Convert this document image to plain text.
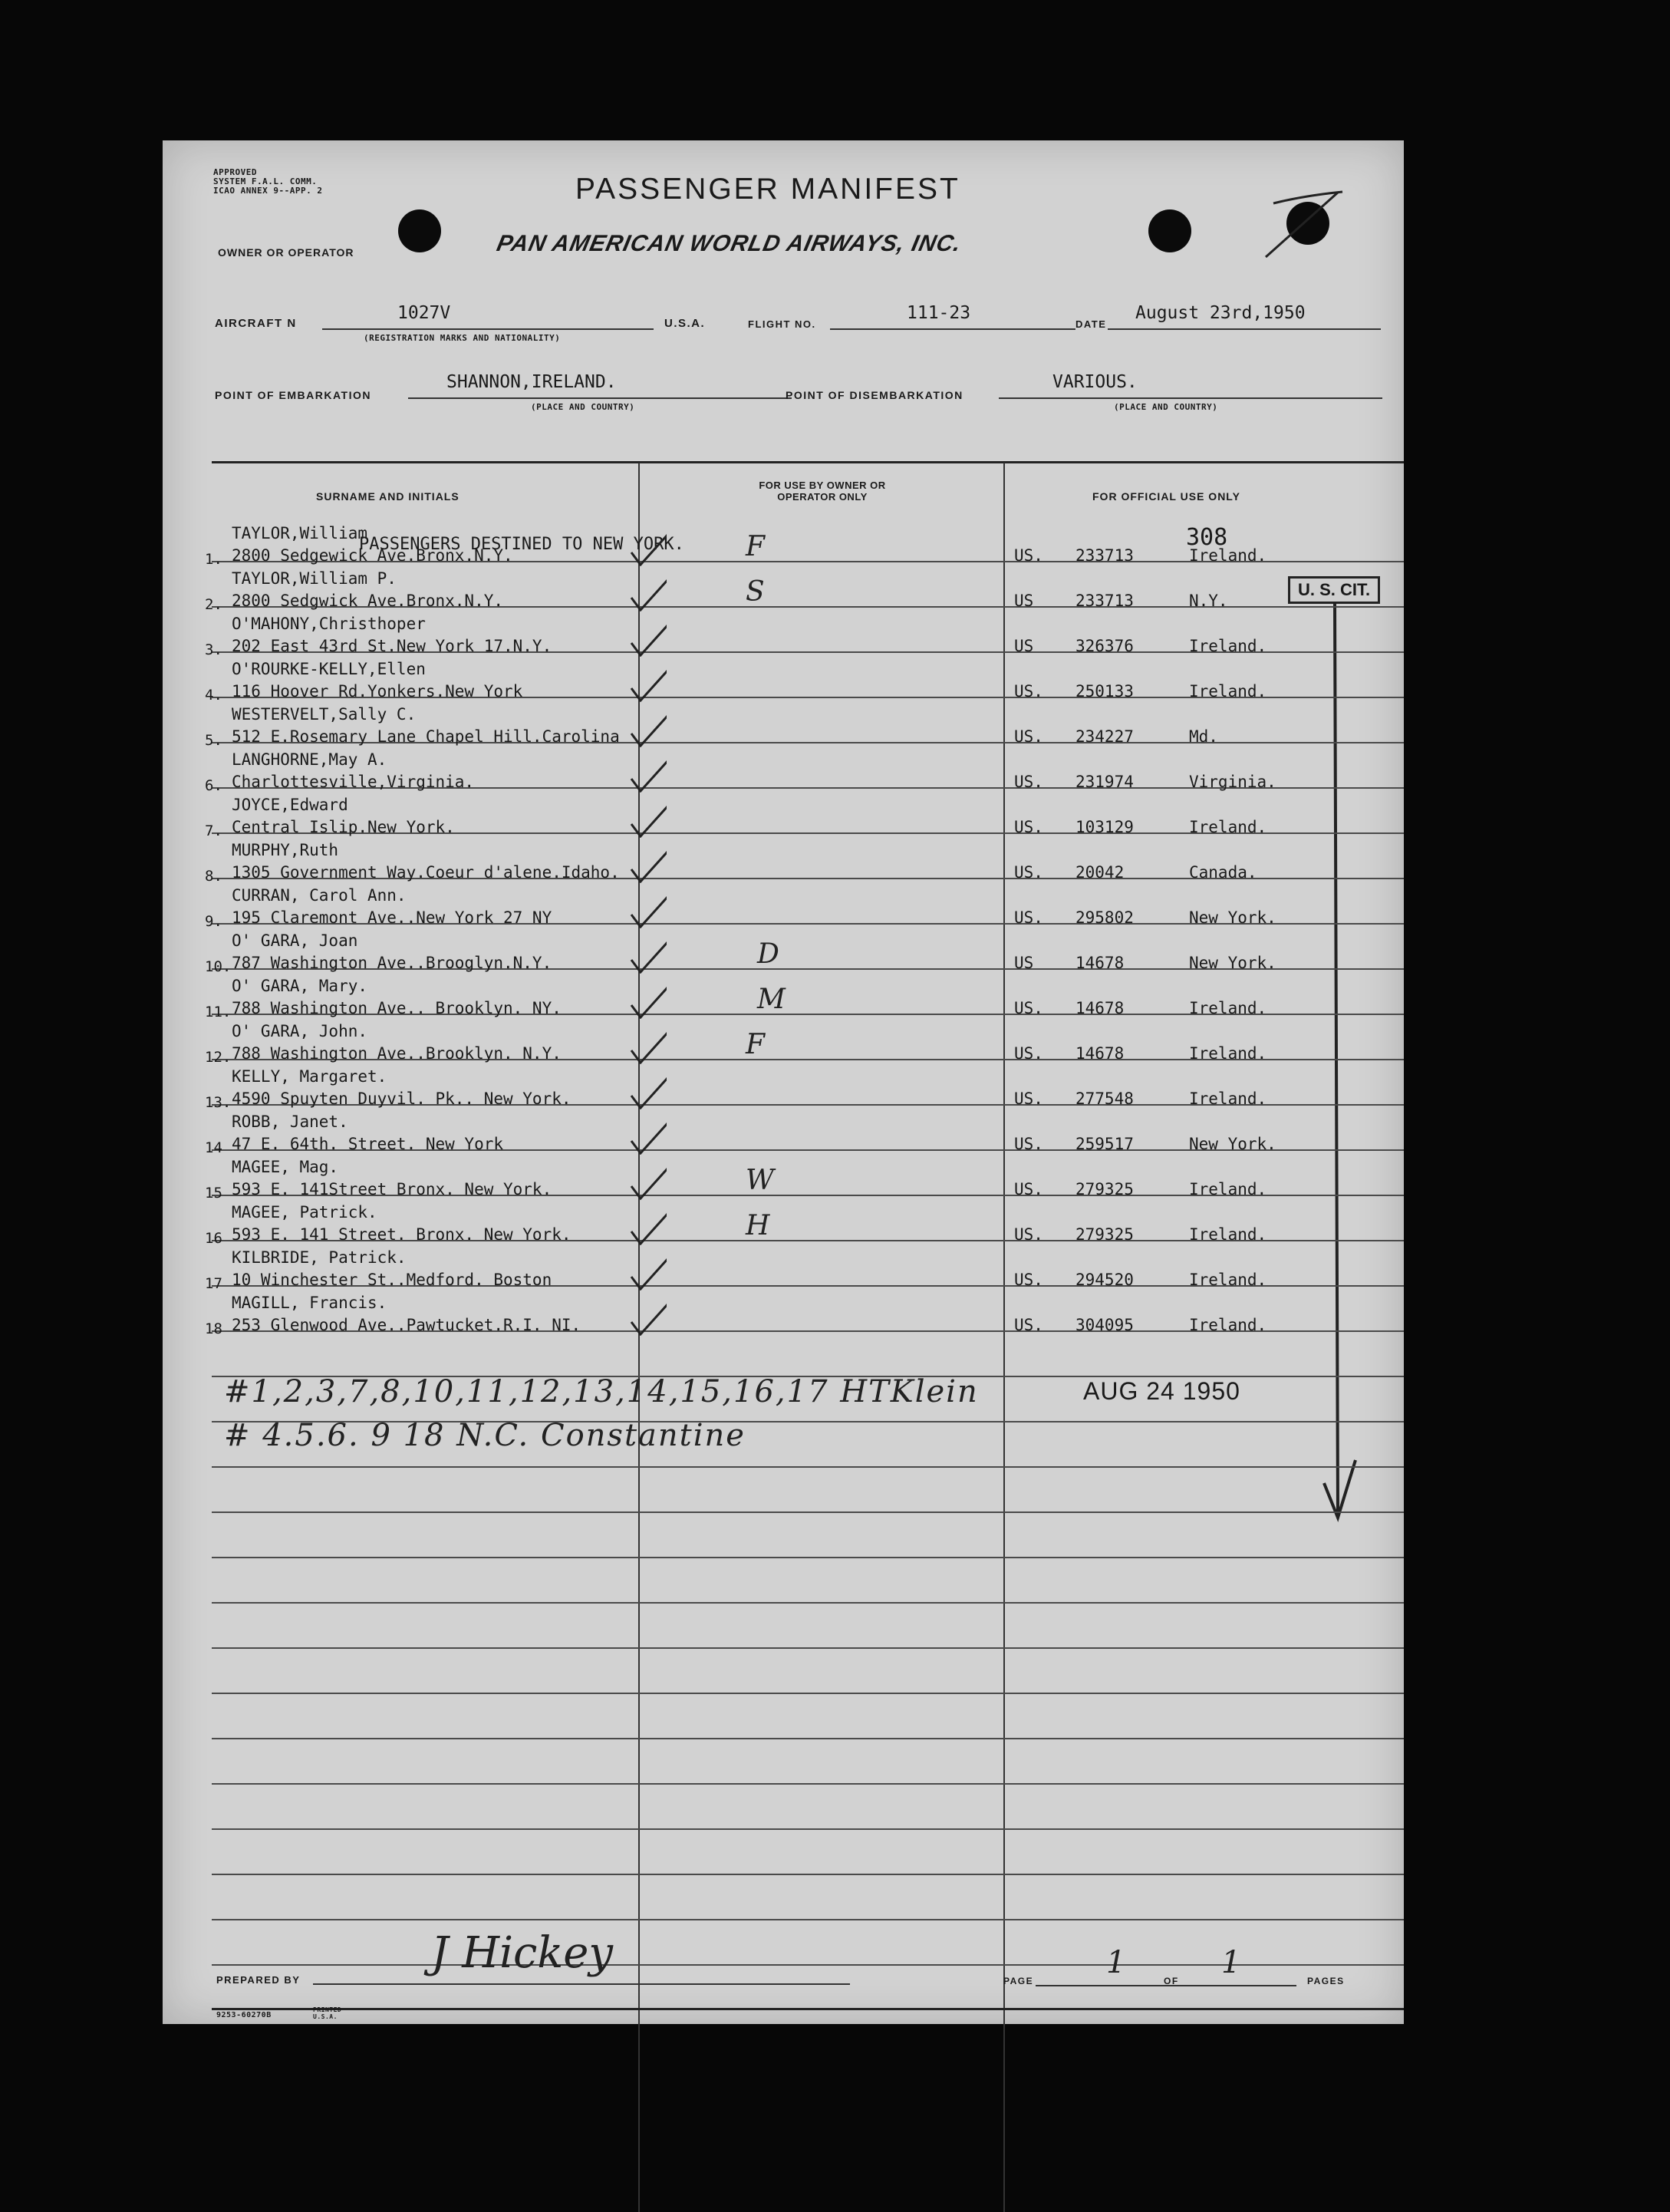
APPROVED
SYSTEM F.A.L. COMM.
ICAO ANNEX 9--APP. 2	PASSENGER MANIFEST
OWNER OR OPERATOR	PAN AMERICAN WORLD AIRWAYS, INC.
AIRCRAFT N
1027V
(REGISTRATION MARKS AND NATIONALITY)
U.S.A.	FLIGHT NO.
111-23
DATE
August 23rd,1950
POINT OF EMBARKATION
SHANNON,IRELAND.
(PLACE AND COUNTRY)
POINT OF DISEMBARKATION
VARIOUS.
(PLACE AND COUNTRY)
SURNAME AND INITIALS
FOR USE BY OWNER OR OPERATOR ONLY	FOR OFFICIAL USE ONLY
PASSENGERS DESTINED TO NEW YORK.	308
U. S. CIT.
1.
TAYLOR,William
2800 Sedgewick Ave.Bronx.N.Y.	US. 233713	Ireland.
F
2.
TAYLOR,William P.
2800 Sedgwick Ave.Bronx.N.Y.	US	233713	N.Y.
S
3.
O'MAHONY,Christhoper
202 East 43rd St.New York 17.N.Y.	US	326376	Ireland.
4.
O'ROURKE-KELLY,Ellen
116 Hoover Rd.Yonkers.New York	US. 250133	Ireland.
5.
WESTERVELT,Sally C.
512 E.Rosemary Lane Chapel Hill.Carolina	US. 234227	Md.
6.
LANGHORNE,May A.
Charlottesville,Virginia.	US. 231974	Virginia.
7.
JOYCE,Edward
Central Islip.New York.	US. 103129	Ireland.
8.
MURPHY,Ruth
1305 Government Way.Coeur d'alene.Idaho.	US. 20042	Canada.
9.
CURRAN, Carol Ann.
195 Claremont Ave..New York 27 NY	US. 295802	New York.
10.
O' GARA, Joan
787 Washington Ave..Brooglyn.N.Y.	US	14678	New York.
D
11.
O' GARA, Mary.
788 Washington Ave.. Brooklyn. NY.	US. 14678	Ireland.
M
12.
O' GARA, John.
788 Washington Ave..Brooklyn. N.Y.	US. 14678	Ireland.
F
13.
KELLY, Margaret.
4590 Spuyten Duyvil. Pk.. New York.	US. 277548	Ireland.
14
ROBB, Janet.
47 E. 64th. Street. New York	US. 259517	New York.
15
MAGEE, Mag.
593 E. 141Street Bronx. New York.	US. 279325	Ireland.
W
16
MAGEE, Patrick.
593 E. 141 Street. Bronx. New York.	US. 279325	Ireland.
H
17
KILBRIDE, Patrick.
10 Winchester St..Medford. Boston	US. 294520	Ireland.
18
MAGILL, Francis.
253 Glenwood Ave..Pawtucket.R.I. NI.	US. 304095	Ireland.
#1,2,3,7,8,10,11,12,13,14,15,16,17 HTKlein
# 4.5.6. 9 18 N.C. Constantine
AUG 24 1950
PREPARED BY
J Hickey
PAGE
1
OF
1
PAGES
9253-60270B
PRINTED U.S.A.
